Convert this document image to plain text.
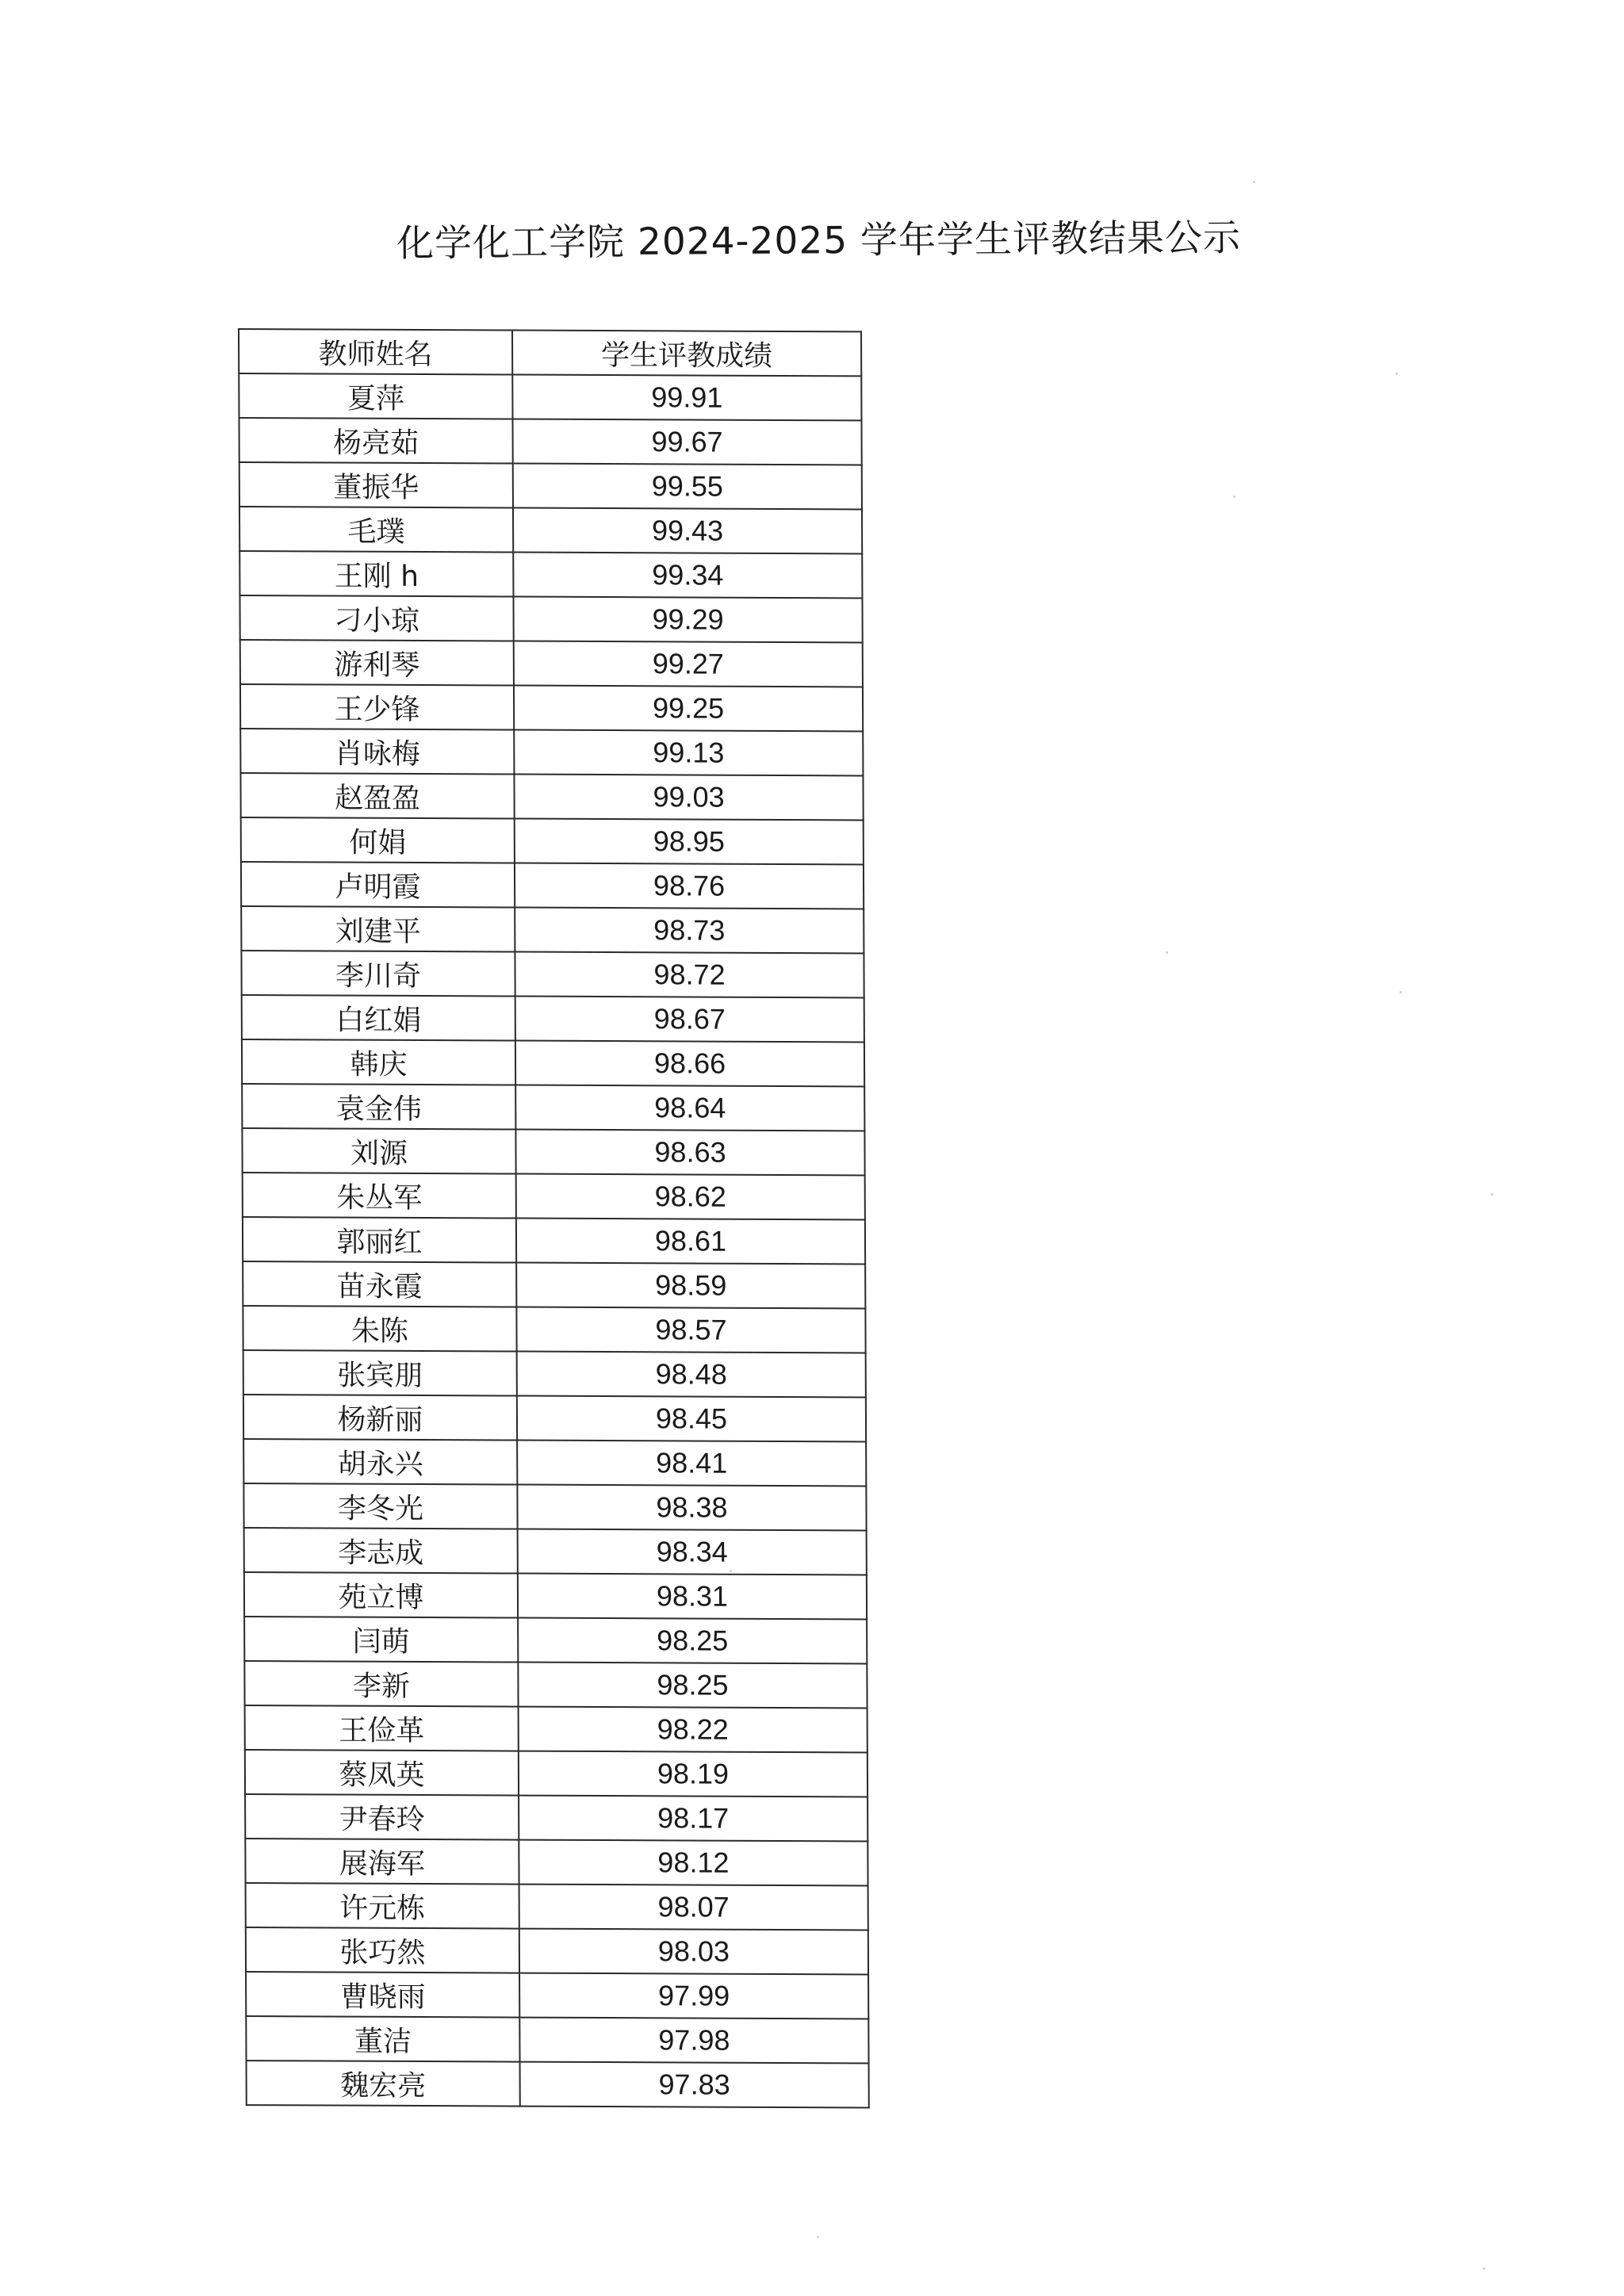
化学化工学院 2024-2025 学年学生评教结果公示
教师姓名	学生评教成绩
夏萍	99.91
杨亮茹	99.67
董振华	99.55
毛璞	99.43
王刚 h	99.34
刁小琼	99.29
游利琴	99.27
王少锋	99.25
肖咏梅	99.13
赵盈盈	99.03
何娟	98.95
卢明霞	98.76
刘建平	98.73
李川奇	98.72
白红娟	98.67
韩庆	98.66
袁金伟	98.64
刘源	98.63
朱丛军	98.62
郭丽红	98.61
苗永霞	98.59
朱陈	98.57
张宾朋	98.48
杨新丽	98.45
胡永兴	98.41
李冬光	98.38
李志成	98.34
苑立博	98.31
闫萌	98.25
李新	98.25
王俭革	98.22
蔡凤英	98.19
尹春玲	98.17
展海军	98.12
许元栋	98.07
张巧然	98.03
曹晓雨	97.99
董洁	97.98
魏宏亮	97.83
